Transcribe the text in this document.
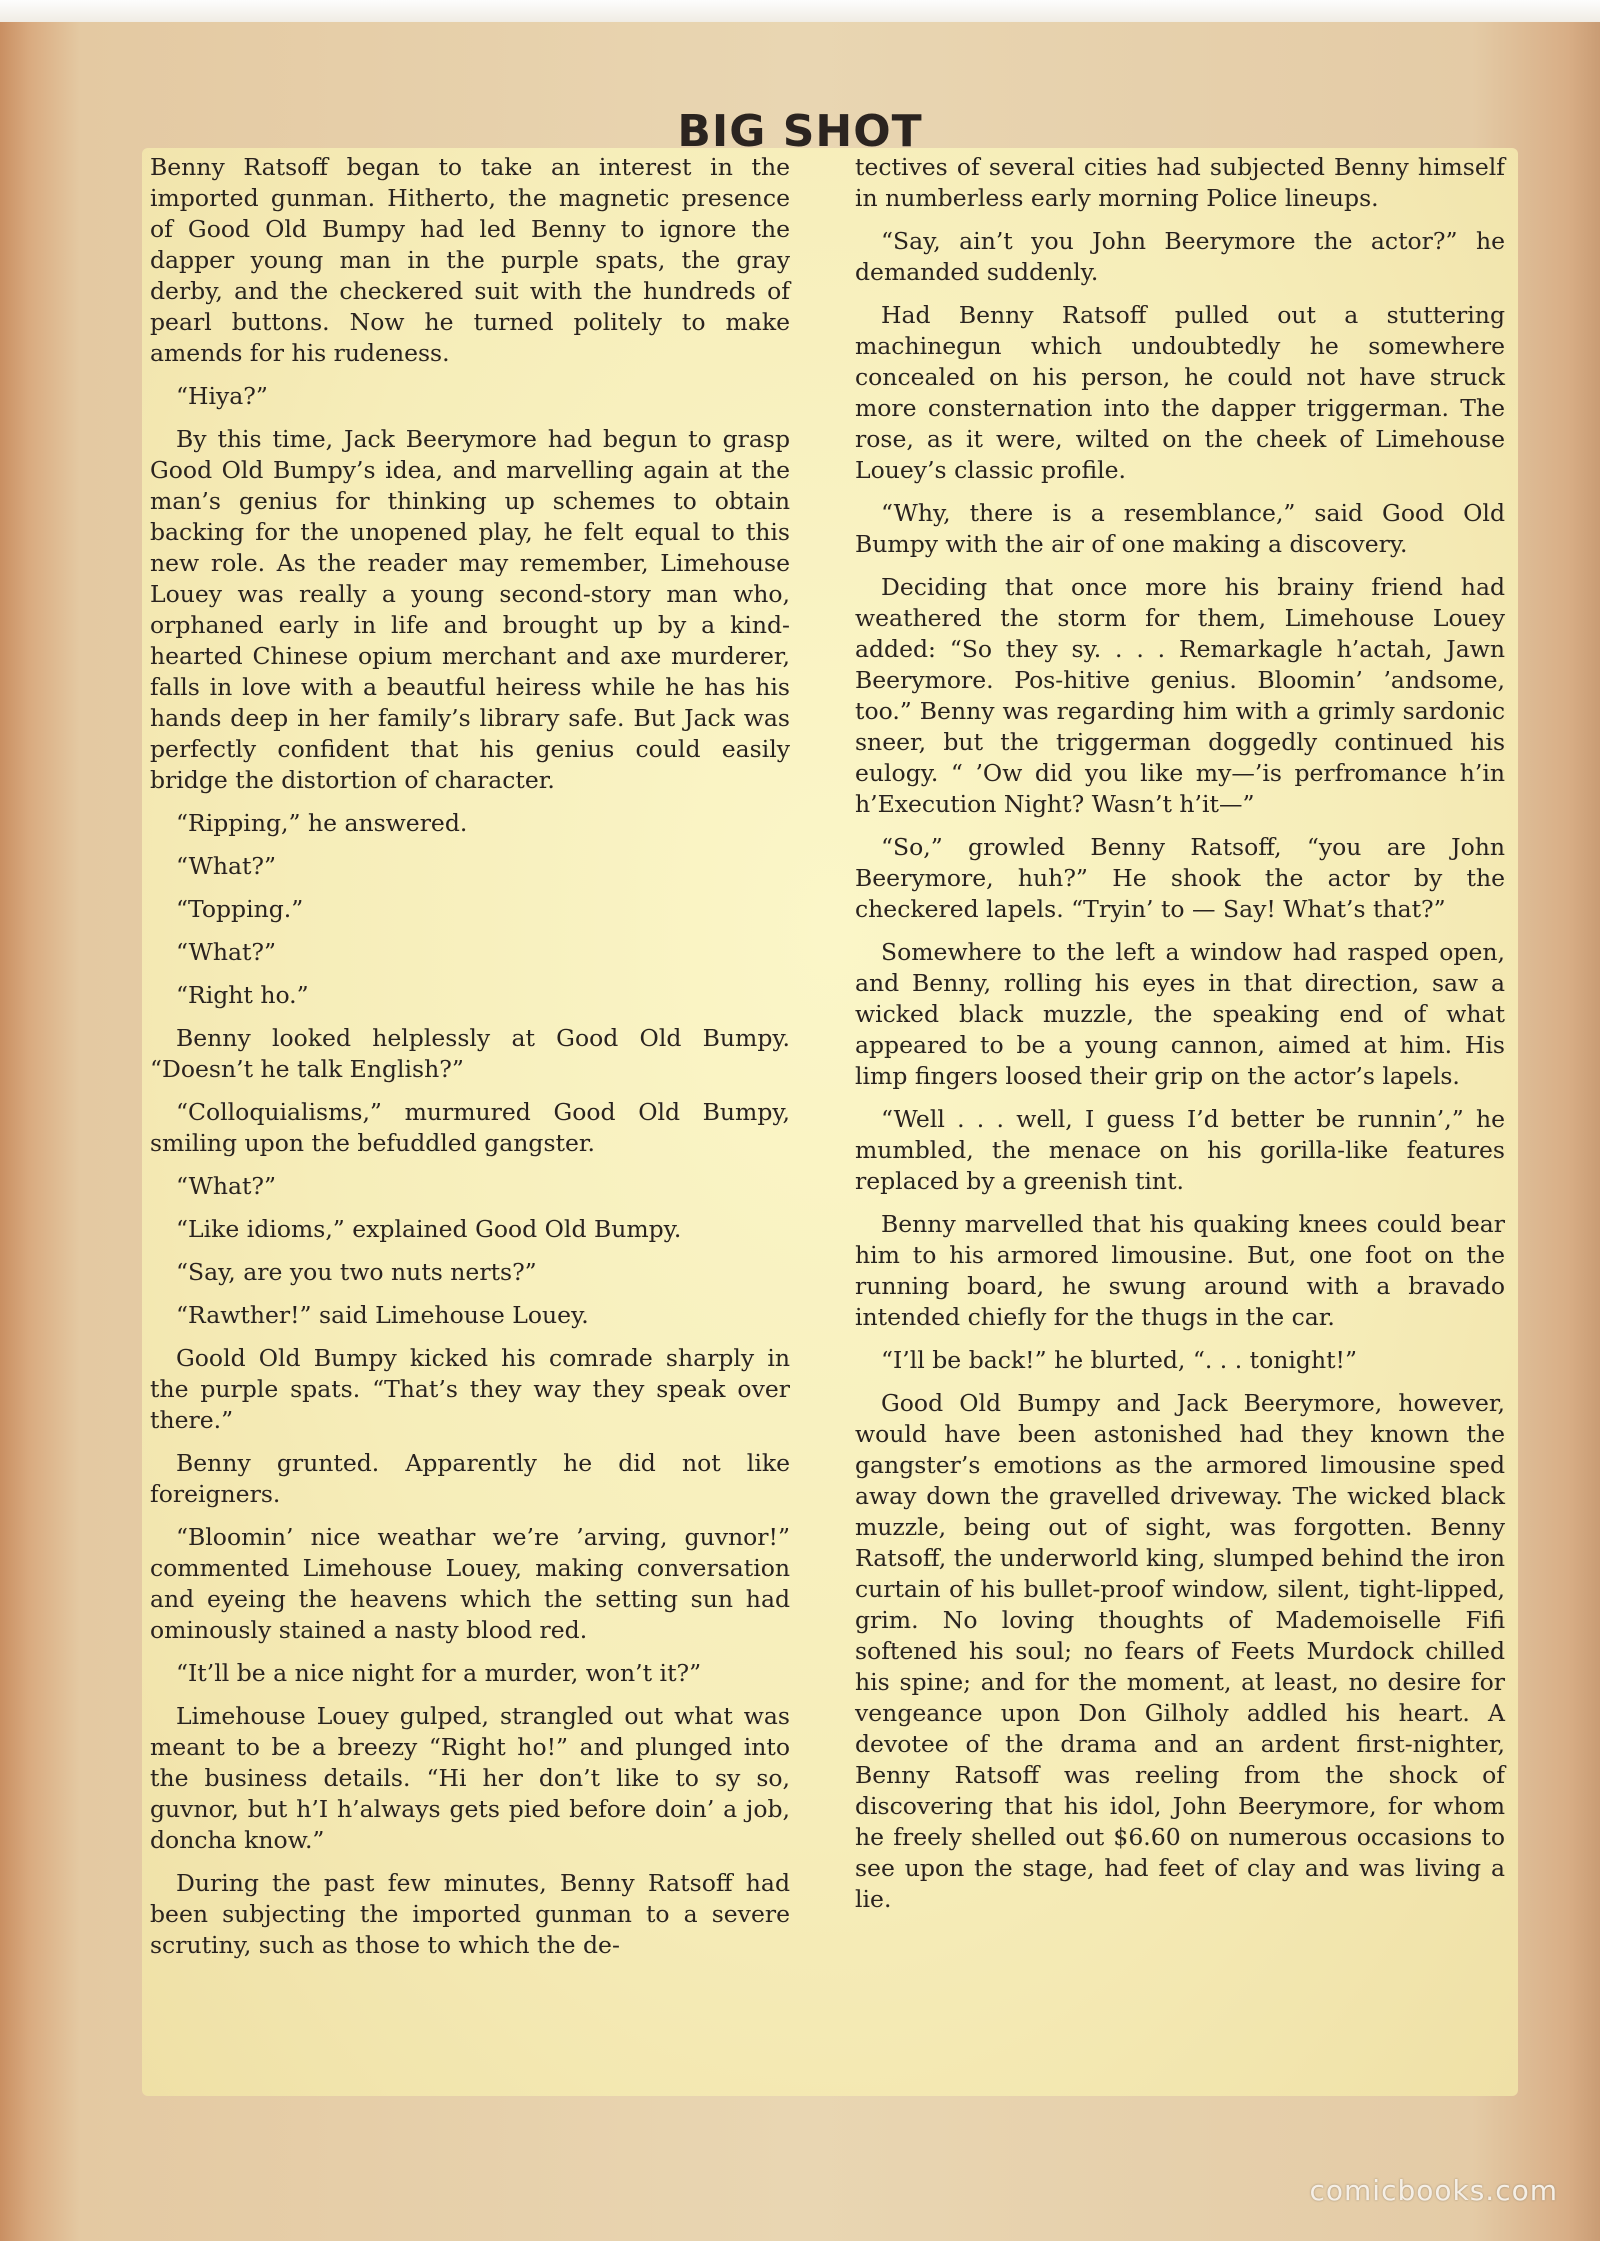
BIG SHOT

Benny Ratsoff began to take an interest in the imported gunman. Hitherto, the magnetic presence of Good Old Bumpy had led Benny to ignore the dapper young man in the purple spats, the gray derby, and the checkered suit with the hundreds of pearl buttons. Now he turned politely to make amends for his rudeness.

“Hiya?”

By this time, Jack Beerymore had begun to grasp Good Old Bumpy’s idea, and marvelling again at the man’s genius for thinking up schemes to obtain backing for the unopened play, he felt equal to this new role. As the reader may remember, Limehouse Louey was really a young second-story man who, orphaned early in life and brought up by a kind-hearted Chinese opium merchant and axe murderer, falls in love with a beautful heiress while he has his hands deep in her family’s library safe. But Jack was perfectly confident that his genius could easily bridge the distortion of character.

“Ripping,” he answered.

“What?”

“Topping.”

“What?”

“Right ho.”

Benny looked helplessly at Good Old Bumpy. “Doesn’t he talk English?”

“Colloquialisms,” murmured Good Old Bumpy, smiling upon the befuddled gangster.

“What?”

“Like idioms,” explained Good Old Bumpy.

“Say, are you two nuts nerts?”

“Rawther!” said Limehouse Louey.

Goold Old Bumpy kicked his comrade sharply in the purple spats. “That’s they way they speak over there.”

Benny grunted. Apparently he did not like foreigners.

“Bloomin’ nice weathar we’re ’arving, guvnor!” commented Limehouse Louey, making conversation and eyeing the heavens which the setting sun had ominously stained a nasty blood red.

“It’ll be a nice night for a murder, won’t it?”

Limehouse Louey gulped, strangled out what was meant to be a breezy “Right ho!” and plunged into the business details. “Hi her don’t like to sy so, guvnor, but h’I h’always gets pied before doin’ a job, doncha know.”

During the past few minutes, Benny Ratsoff had been subjecting the imported gunman to a severe scrutiny, such as those to which the de-

tectives of several cities had subjected Benny himself in numberless early morning Police lineups.

“Say, ain’t you John Beerymore the actor?” he demanded suddenly.

Had Benny Ratsoff pulled out a stuttering machinegun which undoubtedly he somewhere concealed on his person, he could not have struck more consternation into the dapper triggerman. The rose, as it were, wilted on the cheek of Limehouse Louey’s classic profile.

“Why, there is a resemblance,” said Good Old Bumpy with the air of one making a discovery.

Deciding that once more his brainy friend had weathered the storm for them, Limehouse Louey added: “So they sy. . . . Remarkagle h’actah, Jawn Beerymore. Pos-hitive genius. Bloomin’ ’andsome, too.” Benny was regarding him with a grimly sardonic sneer, but the triggerman doggedly continued his eulogy. “ ’Ow did you like my—’is perfromance h’in h’Execution Night? Wasn’t h’it—”

“So,” growled Benny Ratsoff, “you are John Beerymore, huh?” He shook the actor by the checkered lapels. “Tryin’ to — Say! What’s that?”

Somewhere to the left a window had rasped open, and Benny, rolling his eyes in that direction, saw a wicked black muzzle, the speaking end of what appeared to be a young cannon, aimed at him. His limp fingers loosed their grip on the actor’s lapels.

“Well . . . well, I guess I’d better be runnin’,” he mumbled, the menace on his gorilla-like features replaced by a greenish tint.

Benny marvelled that his quaking knees could bear him to his armored limousine. But, one foot on the running board, he swung around with a bravado intended chiefly for the thugs in the car.

“I’ll be back!” he blurted, “. . . tonight!”

Good Old Bumpy and Jack Beerymore, however, would have been astonished had they known the gangster’s emotions as the armored limousine sped away down the gravelled driveway. The wicked black muzzle, being out of sight, was forgotten. Benny Ratsoff, the underworld king, slumped behind the iron curtain of his bullet-proof window, silent, tight-lipped, grim. No loving thoughts of Mademoiselle Fifi softened his soul; no fears of Feets Murdock chilled his spine; and for the moment, at least, no desire for vengeance upon Don Gilholy addled his heart. A devotee of the drama and an ardent first-nighter, Benny Ratsoff was reeling from the shock of discovering that his idol, John Beerymore, for whom he freely shelled out $6.60 on numerous occasions to see upon the stage, had feet of clay and was living a lie.

comicbooks.com
